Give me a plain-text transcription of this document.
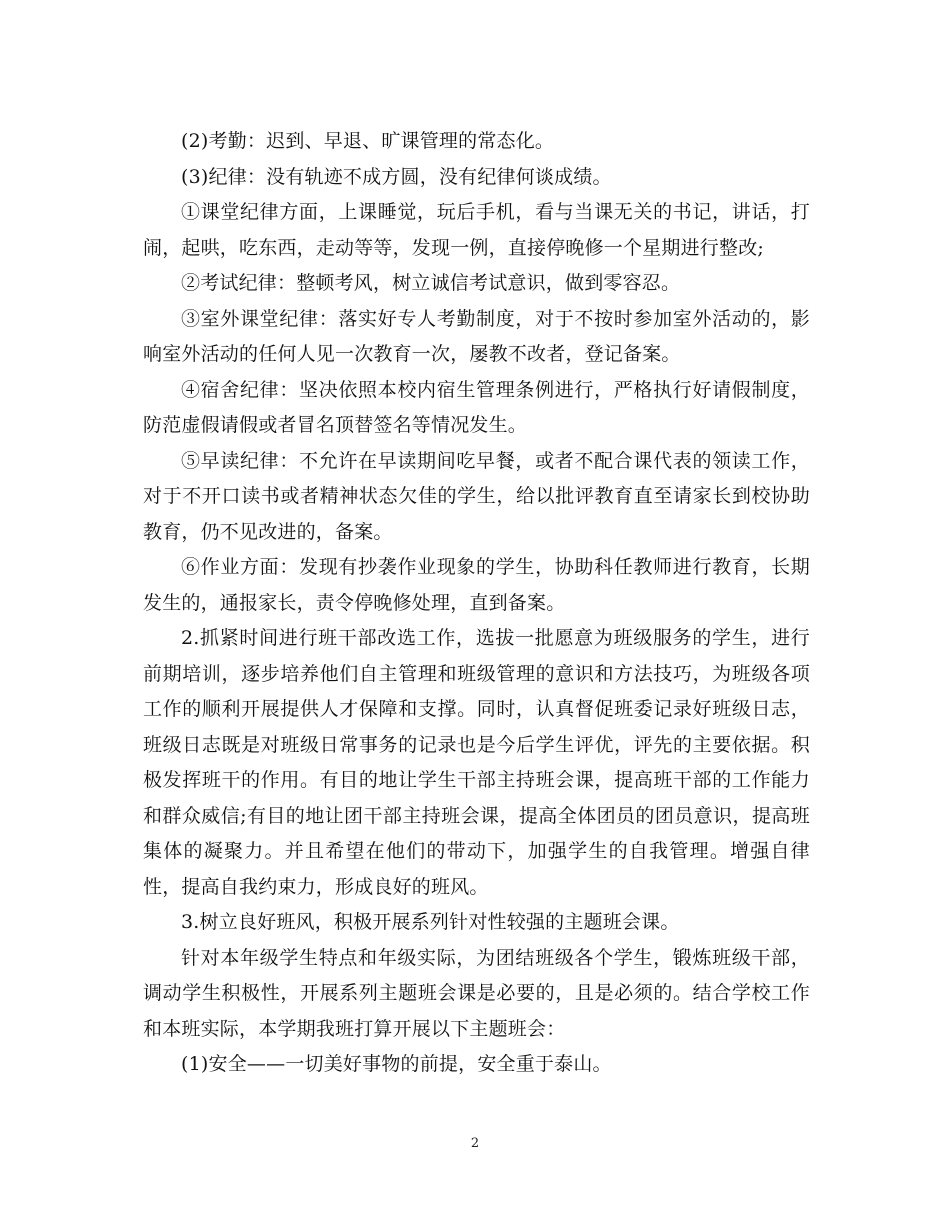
(2)考勤：迟到、早退、旷课管理的常态化。

(3)纪律：没有轨迹不成方圆，没有纪律何谈成绩。

①课堂纪律方面，上课睡觉，玩后手机，看与当课无关的书记，讲话，打闹，起哄，吃东西，走动等等，发现一例，直接停晚修一个星期进行整改;

②考试纪律：整顿考风，树立诚信考试意识，做到零容忍。

③室外课堂纪律：落实好专人考勤制度，对于不按时参加室外活动的，影响室外活动的任何人见一次教育一次，屡教不改者，登记备案。

④宿舍纪律：坚决依照本校内宿生管理条例进行，严格执行好请假制度，防范虚假请假或者冒名顶替签名等情况发生。

⑤早读纪律：不允许在早读期间吃早餐，或者不配合课代表的领读工作，对于不开口读书或者精神状态欠佳的学生，给以批评教育直至请家长到校协助教育，仍不见改进的，备案。

⑥作业方面：发现有抄袭作业现象的学生，协助科任教师进行教育，长期发生的，通报家长，责令停晚修处理，直到备案。

2.抓紧时间进行班干部改选工作，选拔一批愿意为班级服务的学生，进行前期培训，逐步培养他们自主管理和班级管理的意识和方法技巧，为班级各项工作的顺利开展提供人才保障和支撑。同时，认真督促班委记录好班级日志，班级日志既是对班级日常事务的记录也是今后学生评优，评先的主要依据。积极发挥班干的作用。有目的地让学生干部主持班会课，提高班干部的工作能力和群众威信;有目的地让团干部主持班会课，提高全体团员的团员意识，提高班集体的凝聚力。并且希望在他们的带动下，加强学生的自我管理。增强自律性，提高自我约束力，形成良好的班风。

3.树立良好班风，积极开展系列针对性较强的主题班会课。

针对本年级学生特点和年级实际，为团结班级各个学生，锻炼班级干部，调动学生积极性，开展系列主题班会课是必要的，且是必须的。结合学校工作和本班实际，本学期我班打算开展以下主题班会：

(1)安全——一切美好事物的前提，安全重于泰山。

2
